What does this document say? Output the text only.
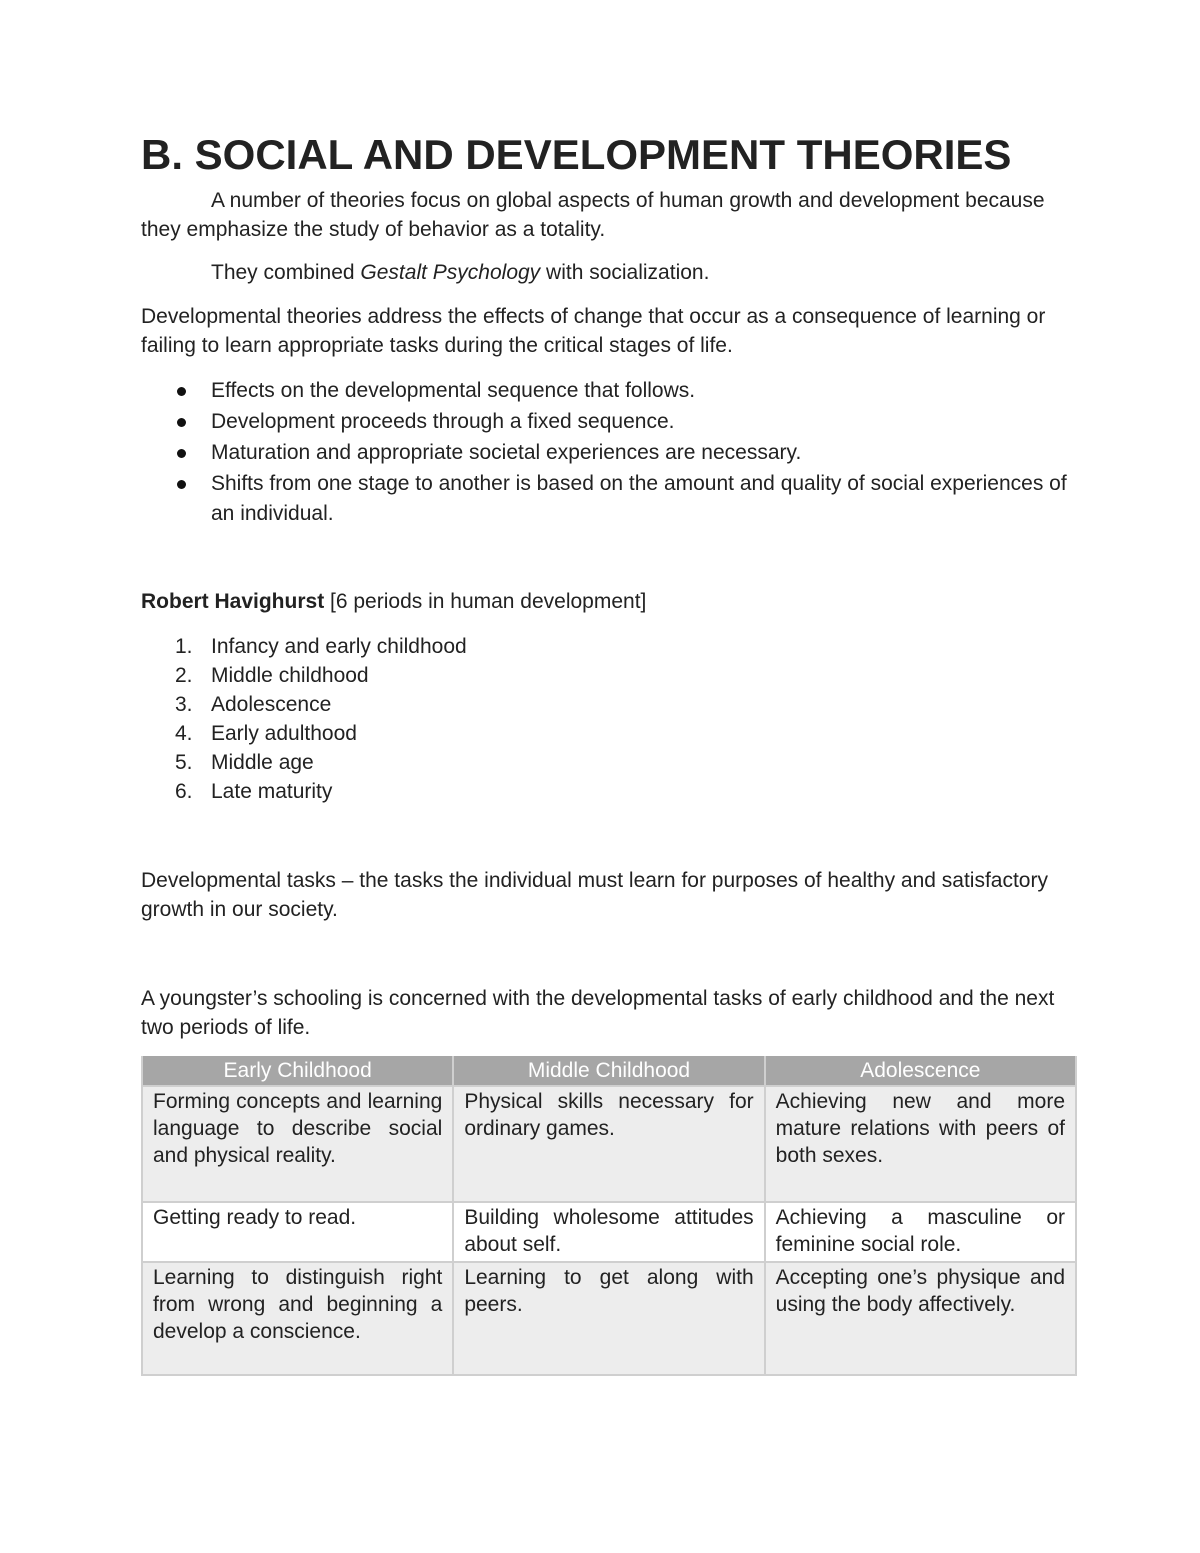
B. SOCIAL AND DEVELOPMENT THEORIES

A number of theories focus on global aspects of human growth and development because they emphasize the study of behavior as a totality.

They combined Gestalt Psychology with socialization.

Developmental theories address the effects of change that occur as a consequence of learning or failing to learn appropriate tasks during the critical stages of life.

Effects on the developmental sequence that follows.
Development proceeds through a fixed sequence.
Maturation and appropriate societal experiences are necessary.
Shifts from one stage to another is based on the amount and quality of social experiences of an individual.

Robert Havighurst [6 periods in human development]

1. Infancy and early childhood
2. Middle childhood
3. Adolescence
4. Early adulthood
5. Middle age
6. Late maturity

Developmental tasks – the tasks the individual must learn for purposes of healthy and satisfactory growth in our society.

A youngster’s schooling is concerned with the developmental tasks of early childhood and the next two periods of life.

Early Childhood	Middle Childhood	Adolescence
Forming concepts and learning language to describe social and physical reality.	Physical skills necessary for ordinary games.	Achieving new and more mature relations with peers of both sexes.
Getting ready to read.	Building wholesome attitudes about self.	Achieving a masculine or feminine social role.
Learning to distinguish right from wrong and beginning a develop a conscience.	Learning to get along with peers.	Accepting one’s physique and using the body affectively.
